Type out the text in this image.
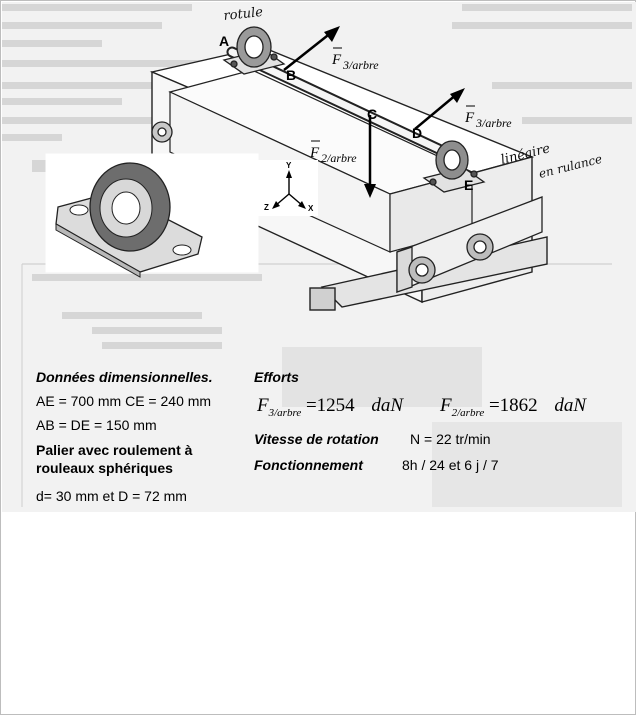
Y
Z	X
A
B
C
D
E
F 3/arbre
F 3/arbre
F 2/arbre
rotule
linéaire
en rulance
Données dimensionnelles.
AE = 700 mm CE = 240 mm
AB = DE = 150 mm
Palier avec roulement à
rouleaux sphériques
d= 30 mm et D = 72 mm
Efforts
$F_{3/arbre} =1254$ daN $F_{2/arbre} =1862$ daN
Vitesse de rotation N = 22 tr/min
Fonctionnement	8h / 24 et 6 j / 7
